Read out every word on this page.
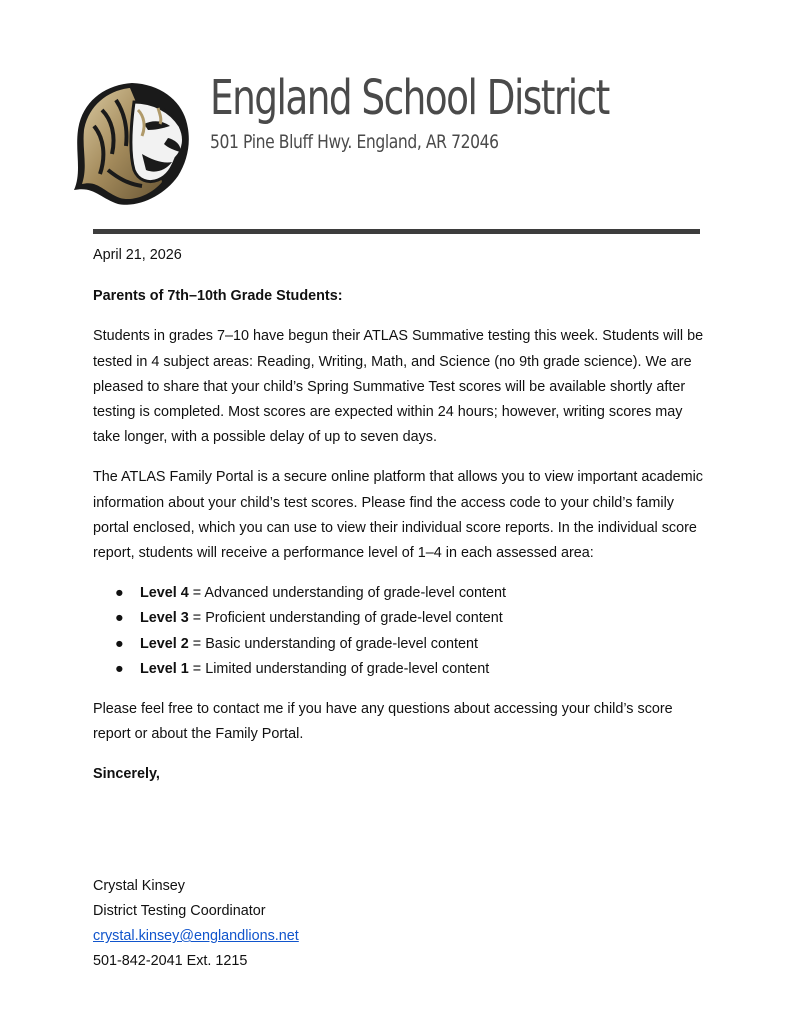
England School District
501 Pine Bluff Hwy. England, AR 72046

April 21, 2026

Parents of 7th–10th Grade Students:

Students in grades 7–10 have begun their ATLAS Summative testing this week. Students will be tested in 4 subject areas: Reading, Writing, Math, and Science (no 9th grade science). We are pleased to share that your child’s Spring Summative Test scores will be available shortly after testing is completed. Most scores are expected within 24 hours; however, writing scores may take longer, with a possible delay of up to seven days.

The ATLAS Family Portal is a secure online platform that allows you to view important academic information about your child’s test scores. Please find the access code to your child’s family portal enclosed, which you can use to view their individual score reports. In the individual score report, students will receive a performance level of 1–4 in each assessed area:

● Level 4 = Advanced understanding of grade-level content
● Level 3 = Proficient understanding of grade-level content
● Level 2 = Basic understanding of grade-level content
● Level 1 = Limited understanding of grade-level content

Please feel free to contact me if you have any questions about accessing your child’s score report or about the Family Portal.

Sincerely,

Crystal Kinsey
District Testing Coordinator
crystal.kinsey@englandlions.net
501-842-2041 Ext. 1215
